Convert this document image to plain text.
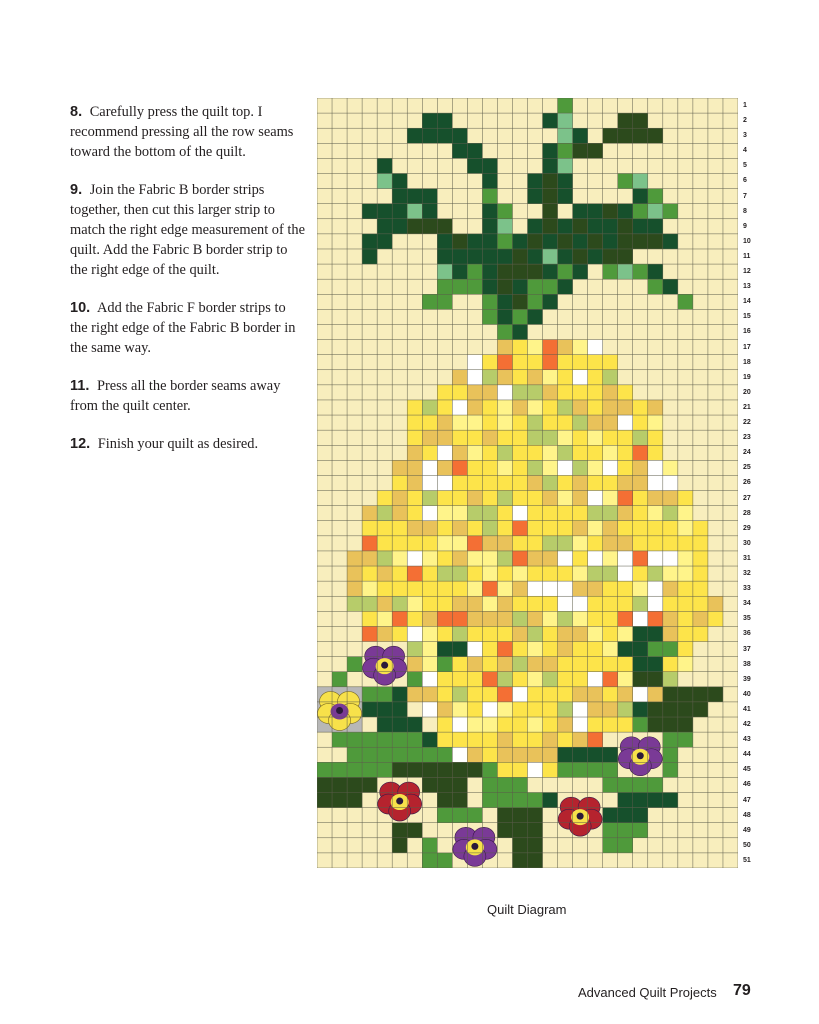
8. Carefully press the quilt top. I recommend pressing all the row seams toward the bottom of the quilt.

9. Join the Fabric B border strips together, then cut this larger strip to match the right edge measurement of the quilt. Add the Fabric B border strip to the right edge of the quilt.

10. Add the Fabric F border strips to the right edge of the Fabric B border in the same way.

11. Press all the border seams away from the quilt center.

12. Finish your quilt as desired.

1
2
3
4
5
6
7
8
9
10
11
12
13
14
15
16
17
18
19
20
21
22
23
24
25
26
27
28
29
30
31
32
33
34
35
36
37
38
39
40
41
42
43
44
45
46
47
48
49
50
51
Quilt Diagram
Advanced Quilt Projects 79
